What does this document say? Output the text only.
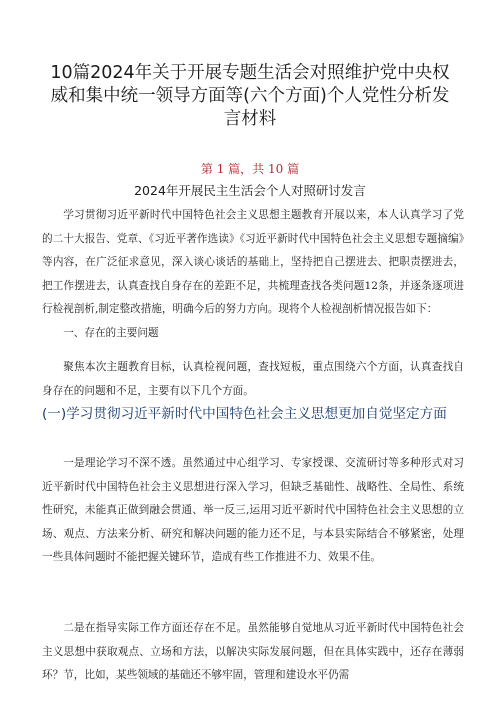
10篇2024年关于开展专题生活会对照维护党中央权威和集中统一领导方面等(六个方面)个人党性分析发言材料
第 1 篇，共 10 篇
2024年开展民主生活会个人对照研讨发言

学习贯彻习近平新时代中国特色社会主义思想主题教育开展以来，本人认真学习了党的二十大报告、党章、《习近平著作选读》《习近平新时代中国特色社会主义思想专题摘编》等内容，在广泛征求意见，深入谈心谈话的基础上，坚持把自己摆进去、把职责摆进去，把工作摆进去，认真查找自身存在的差距不足，共梳理查找各类问题12条，并逐条逐项进行检视剖析,制定整改措施，明确今后的努力方向。现将个人检视剖析情况报告如下：

一、存在的主要问题

聚焦本次主题教育目标，认真检视问题，查找短板，重点围绕六个方面，认真查找自身存在的问题和不足，主要有以下几个方面。

(一)学习贯彻习近平新时代中国特色社会主义思想更加自觉坚定方面

一是理论学习不深不透。虽然通过中心组学习、专家授课、交流研讨等多种形式对习近平新时代中国特色社会主义思想进行深入学习，但缺乏基础性、战略性、全局性、系统性研究，未能真正做到融会贯通、举一反三,运用习近平新时代中国特色社会主义思想的立场、观点、方法来分析、研究和解决问题的能力还不足，与本县实际结合不够紧密，处理一些具体问题时不能把握关键环节，造成有些工作推进不力、效果不佳。

二是在指导实际工作方面还存在不足。虽然能够自觉地从习近平新时代中国特色社会主义思想中获取观点、立场和方法，以解决实际发展问题，但在具体实践中，还存在薄弱环？节，比如，某些领域的基础还不够牢固，管理和建设水平仍需
